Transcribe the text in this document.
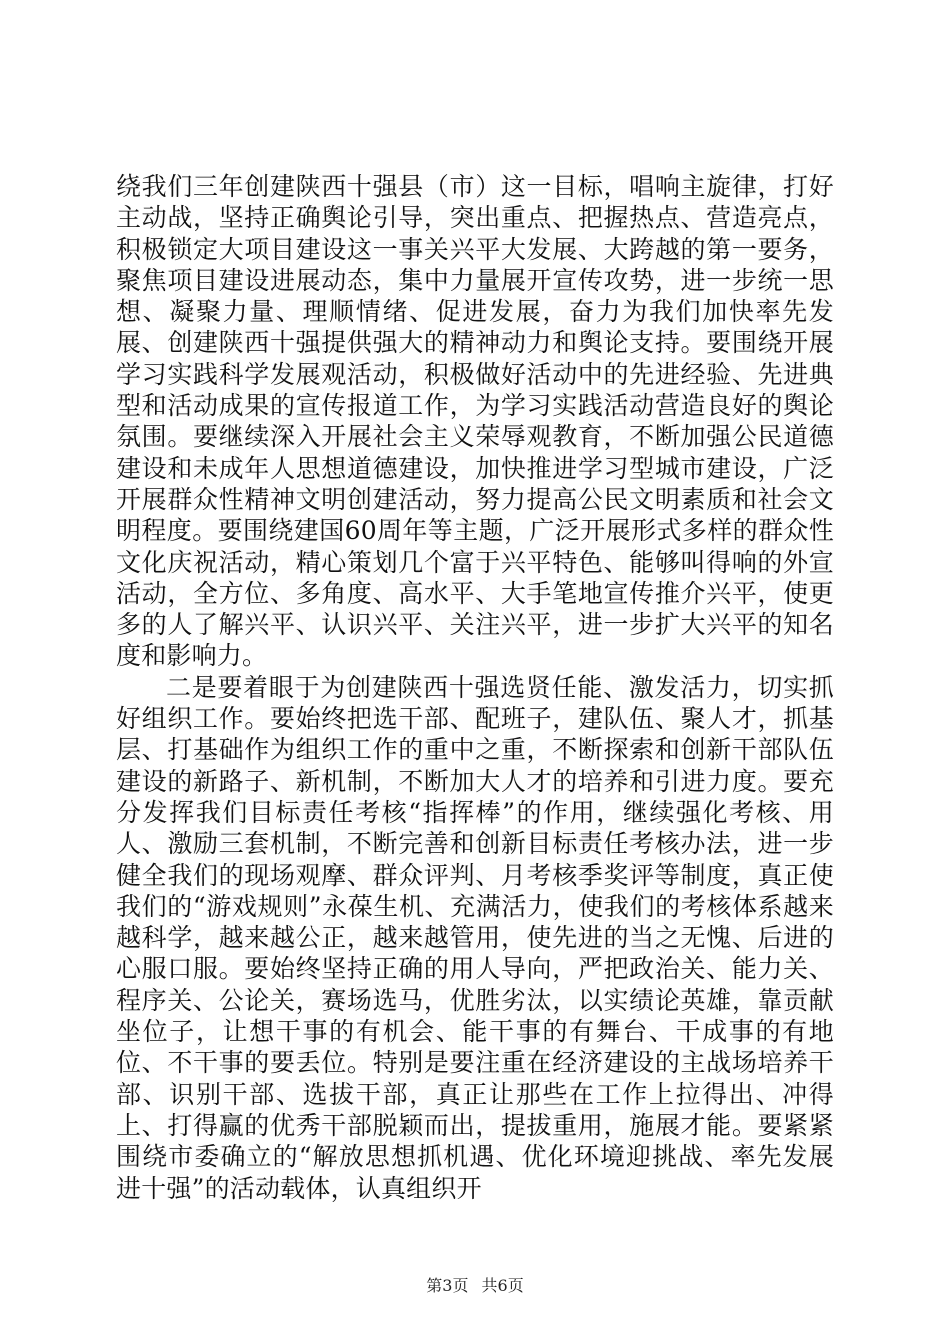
绕我们三年创建陕西十强县（市）这一目标，唱响主旋律，打好主动战，坚持正确舆论引导，突出重点、把握热点、营造亮点，积极锁定大项目建设这一事关兴平大发展、大跨越的第一要务，聚焦项目建设进展动态，集中力量展开宣传攻势，进一步统一思想、凝聚力量、理顺情绪、促进发展，奋力为我们加快率先发展、创建陕西十强提供强大的精神动力和舆论支持。要围绕开展学习实践科学发展观活动，积极做好活动中的先进经验、先进典型和活动成果的宣传报道工作，为学习实践活动营造良好的舆论氛围。要继续深入开展社会主义荣辱观教育，不断加强公民道德建设和未成年人思想道德建设，加快推进学习型城市建设，广泛开展群众性精神文明创建活动，努力提高公民文明素质和社会文明程度。要围绕建国60周年等主题，广泛开展形式多样的群众性文化庆祝活动，精心策划几个富于兴平特色、能够叫得响的外宣活动，全方位、多角度、高水平、大手笔地宣传推介兴平，使更多的人了解兴平、认识兴平、关注兴平，进一步扩大兴平的知名度和影响力。

二是要着眼于为创建陕西十强选贤任能、激发活力，切实抓好组织工作。要始终把选干部、配班子，建队伍、聚人才，抓基层、打基础作为组织工作的重中之重，不断探索和创新干部队伍建设的新路子、新机制，不断加大人才的培养和引进力度。要充分发挥我们目标责任考核“指挥棒”的作用，继续强化考核、用人、激励三套机制，不断完善和创新目标责任考核办法，进一步健全我们的现场观摩、群众评判、月考核季奖评等制度，真正使我们的“游戏规则”永葆生机、充满活力，使我们的考核体系越来越科学，越来越公正，越来越管用，使先进的当之无愧、后进的心服口服。要始终坚持正确的用人导向，严把政治关、能力关、程序关、公论关，赛场选马，优胜劣汰，以实绩论英雄，靠贡献坐位子，让想干事的有机会、能干事的有舞台、干成事的有地位、不干事的要丢位。特别是要注重在经济建设的主战场培养干部、识别干部、选拔干部，真正让那些在工作上拉得出、冲得上、打得赢的优秀干部脱颖而出，提拔重用，施展才能。要紧紧围绕市委确立的“解放思想抓机遇、优化环境迎挑战、率先发展进十强”的活动载体，认真组织开

第3页 共6页
